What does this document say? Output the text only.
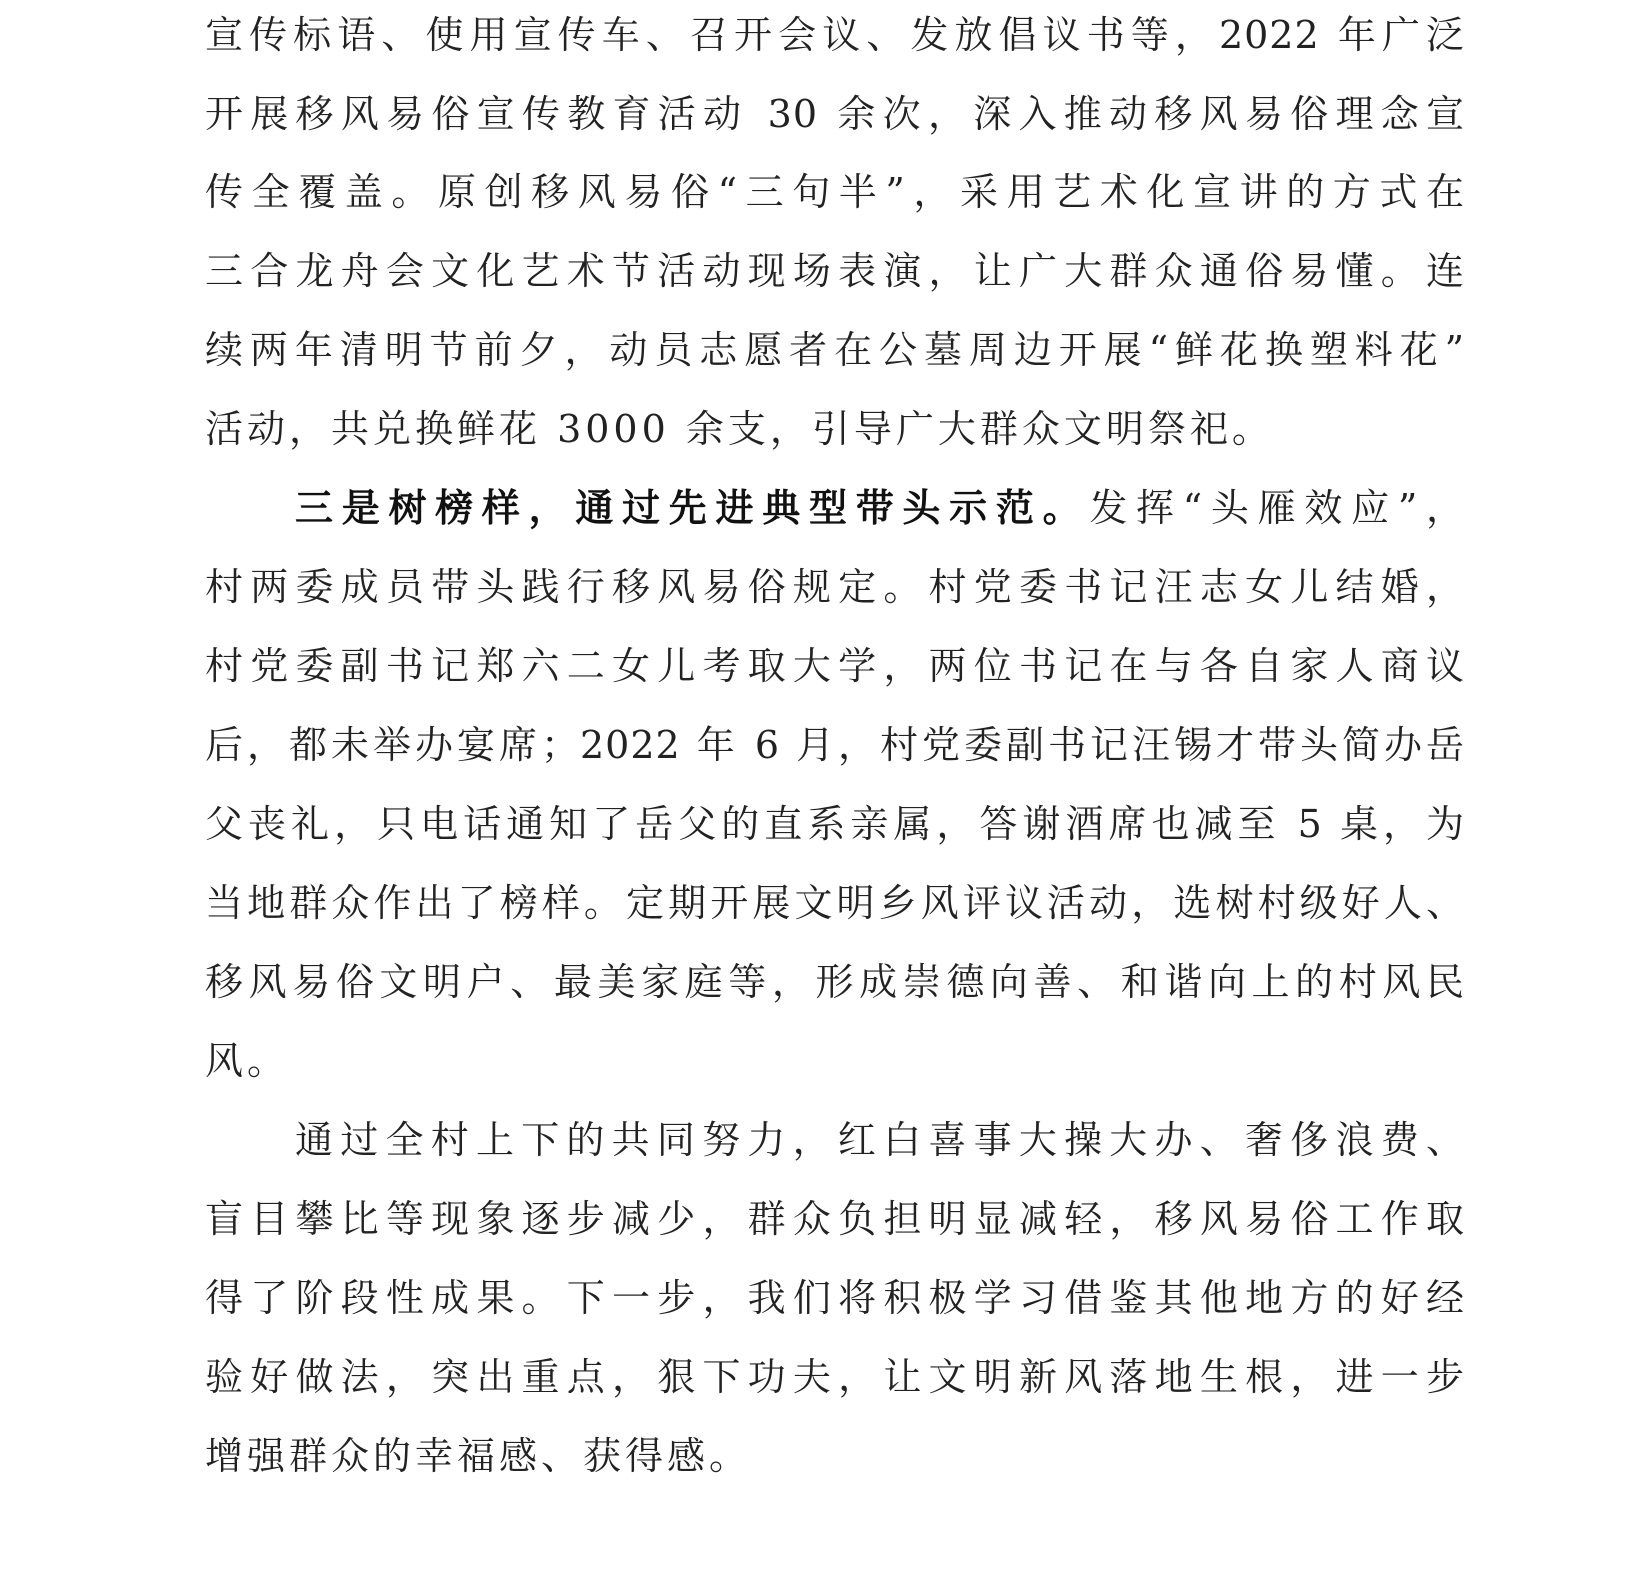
宣传标语、使用宣传车、召开会议、发放倡议书等，2022 年广泛
开展移风易俗宣传教育活动 30 余次，深入推动移风易俗理念宣
传全覆盖。原创移风易俗“三句半”，采用艺术化宣讲的方式在
三合龙舟会文化艺术节活动现场表演，让广大群众通俗易懂。连
续两年清明节前夕，动员志愿者在公墓周边开展“鲜花换塑料花”
活动，共兑换鲜花 3000 余支，引导广大群众文明祭祀。
三是树榜样，通过先进典型带头示范。发挥“头雁效应”，
村两委成员带头践行移风易俗规定。村党委书记汪志女儿结婚，
村党委副书记郑六二女儿考取大学，两位书记在与各自家人商议
后，都未举办宴席；2022 年 6 月，村党委副书记汪锡才带头简办岳
父丧礼，只电话通知了岳父的直系亲属，答谢酒席也减至 5 桌，为
当地群众作出了榜样。定期开展文明乡风评议活动，选树村级好人、
移风易俗文明户、最美家庭等，形成崇德向善、和谐向上的村风民
风。
通过全村上下的共同努力，红白喜事大操大办、奢侈浪费、
盲目攀比等现象逐步减少，群众负担明显减轻，移风易俗工作取
得了阶段性成果。下一步，我们将积极学习借鉴其他地方的好经
验好做法，突出重点，狠下功夫，让文明新风落地生根，进一步
增强群众的幸福感、获得感。
